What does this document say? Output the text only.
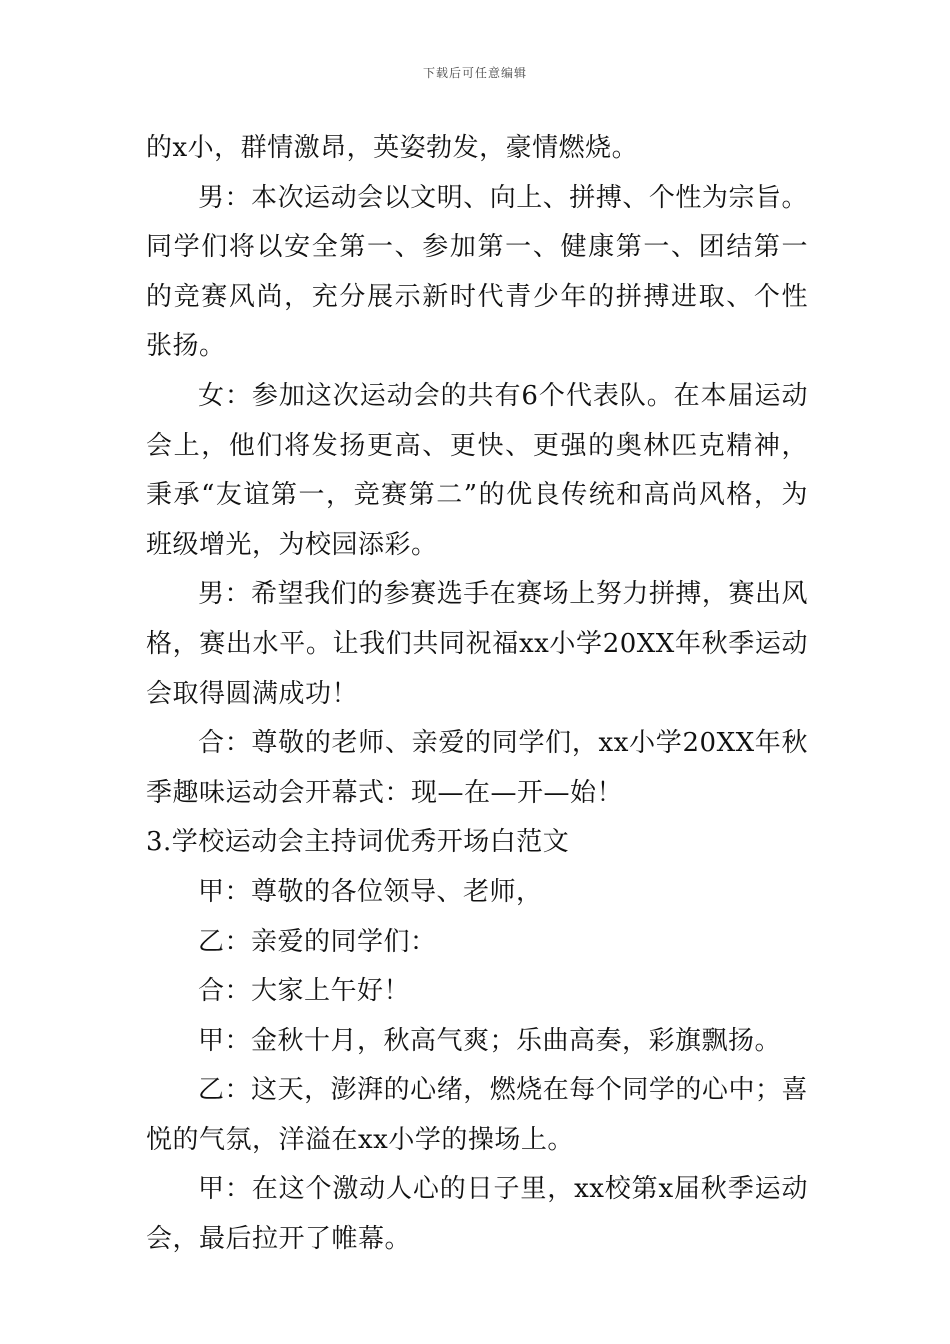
下载后可任意编辑

的x小，群情激昂，英姿勃发，豪情燃烧。

男：本次运动会以文明、向上、拼搏、个性为宗旨。同学们将以安全第一、参加第一、健康第一、团结第一的竞赛风尚，充分展示新时代青少年的拼搏进取、个性张扬。

女：参加这次运动会的共有6个代表队。在本届运动会上，他们将发扬更高、更快、更强的奥林匹克精神，秉承“友谊第一，竞赛第二”的优良传统和高尚风格，为班级增光，为校园添彩。

男：希望我们的参赛选手在赛场上努力拼搏，赛出风格，赛出水平。让我们共同祝福xx小学20XX年秋季运动会取得圆满成功！

合：尊敬的老师、亲爱的同学们，xx小学20XX年秋季趣味运动会开幕式：现—在—开—始！

3.学校运动会主持词优秀开场白范文

甲：尊敬的各位领导、老师，

乙：亲爱的同学们：

合：大家上午好！

甲：金秋十月，秋高气爽；乐曲高奏，彩旗飘扬。

乙：这天，澎湃的心绪，燃烧在每个同学的心中；喜悦的气氛，洋溢在xx小学的操场上。

甲：在这个激动人心的日子里，xx校第x届秋季运动会，最后拉开了帷幕。
